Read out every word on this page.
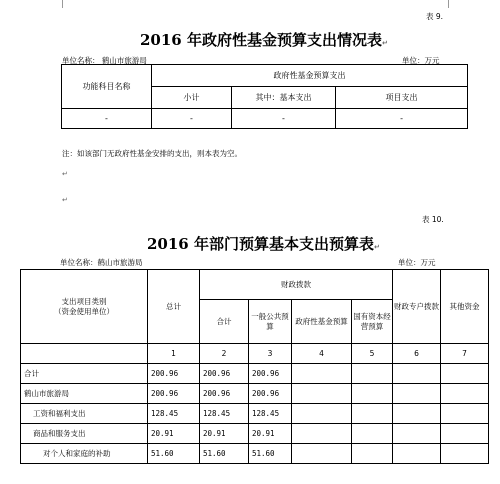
表 9.
2016 年政府性基金预算支出情况表↵
单位名称： 鹤山市旅游局	单位：万元
功能科目名称	政府性基金预算支出		
	小计	其中：基本支出	项目支出
-	-	-	-
注：如该部门无政府性基金安排的支出，则本表为空。
↵
↵
表 10.
2016 年部门预算基本支出预算表↵
单位名称：鹤山市旅游局	单位：万元
支出项目类别
（资金使用单位）	总计	财政拨款				财政专户拨款	其他资金
		合计	一般公共预算	政府性基金预算	国有资本经营预算		
	1	2	3	4	5	6	7
合计	200.96	200.96	200.96				
鹤山市旅游局	200.96	200.96	200.96				
工资和福利支出	128.45	128.45	128.45				
商品和服务支出	20.91	20.91	20.91				
对个人和家庭的补助	51.60	51.60	51.60				
